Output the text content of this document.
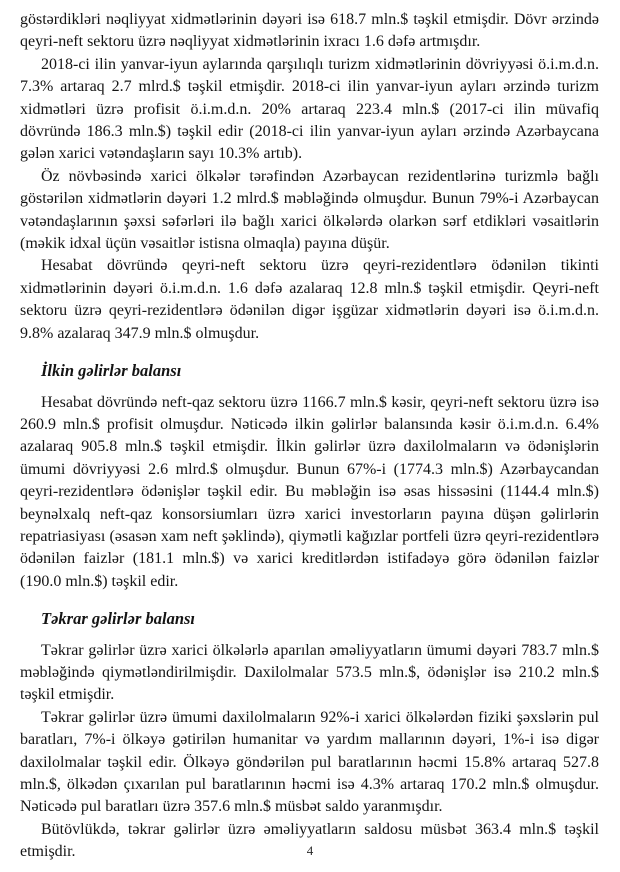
göstərdikləri nəqliyyat xidmətlərinin dəyəri isə 618.7 mln.$ təşkil etmişdir. Dövr ərzində qeyri-neft sektoru üzrə nəqliyyat xidmətlərinin ixracı 1.6 dəfə artmışdır.

2018-ci ilin yanvar-iyun aylarında qarşılıqlı turizm xidmətlərinin dövriyyəsi ö.i.m.d.n. 7.3% artaraq 2.7 mlrd.$ təşkil etmişdir. 2018-ci ilin yanvar-iyun ayları ərzində turizm xidmətləri üzrə profisit ö.i.m.d.n. 20% artaraq 223.4 mln.$ (2017-ci ilin müvafiq dövründə 186.3 mln.$) təşkil edir (2018-ci ilin yanvar-iyun ayları ərzində Azərbaycana gələn xarici vətəndaşların sayı 10.3% artıb).

Öz növbəsində xarici ölkələr tərəfindən Azərbaycan rezidentlərinə turizmlə bağlı göstərilən xidmətlərin dəyəri 1.2 mlrd.$ məbləğində olmuşdur. Bunun 79%-i Azərbaycan vətəndaşlarının şəxsi səfərləri ilə bağlı xarici ölkələrdə olarkən sərf etdikləri vəsaitlərin (məkik idxal üçün vəsaitlər istisna olmaqla) payına düşür.

Hesabat dövründə qeyri-neft sektoru üzrə qeyri-rezidentlərə ödənilən tikinti xidmətlərinin dəyəri ö.i.m.d.n. 1.6 dəfə azalaraq 12.8 mln.$ təşkil etmişdir. Qeyri-neft sektoru üzrə qeyri-rezidentlərə ödənilən digər işgüzar xidmətlərin dəyəri isə ö.i.m.d.n. 9.8% azalaraq 347.9 mln.$ olmuşdur.

İlkin gəlirlər balansı

Hesabat dövründə neft-qaz sektoru üzrə 1166.7 mln.$ kəsir, qeyri-neft sektoru üzrə isə 260.9 mln.$ profisit olmuşdur. Nəticədə ilkin gəlirlər balansında kəsir ö.i.m.d.n. 6.4% azalaraq 905.8 mln.$ təşkil etmişdir. İlkin gəlirlər üzrə daxilolmaların və ödənişlərin ümumi dövriyyəsi 2.6 mlrd.$ olmuşdur. Bunun 67%-i (1774.3 mln.$) Azərbaycandan qeyri-rezidentlərə ödənişlər təşkil edir. Bu məbləğin isə əsas hissəsini (1144.4 mln.$) beynəlxalq neft-qaz konsorsiumları üzrə xarici investorların payına düşən gəlirlərin repatriasiyası (əsasən xam neft şəklində), qiymətli kağızlar portfeli üzrə qeyri-rezidentlərə ödənilən faizlər (181.1 mln.$) və xarici kreditlərdən istifadəyə görə ödənilən faizlər (190.0 mln.$) təşkil edir.

Təkrar gəlirlər balansı

Təkrar gəlirlər üzrə xarici ölkələrlə aparılan əməliyyatların ümumi dəyəri 783.7 mln.$ məbləğində qiymətləndirilmişdir. Daxilolmalar 573.5 mln.$, ödənişlər isə 210.2 mln.$ təşkil etmişdir.

Təkrar gəlirlər üzrə ümumi daxilolmaların 92%-i xarici ölkələrdən fiziki şəxslərin pul baratları, 7%-i ölkəyə gətirilən humanitar və yardım mallarının dəyəri, 1%-i isə digər daxilolmalar təşkil edir. Ölkəyə göndərilən pul baratlarının həcmi 15.8% artaraq 527.8 mln.$, ölkədən çıxarılan pul baratlarının həcmi isə 4.3% artaraq 170.2 mln.$ olmuşdur. Nəticədə pul baratları üzrə 357.6 mln.$ müsbət saldo yaranmışdır.

Bütövlükdə, təkrar gəlirlər üzrə əməliyyatların saldosu müsbət 363.4 mln.$ təşkil etmişdir.	4
